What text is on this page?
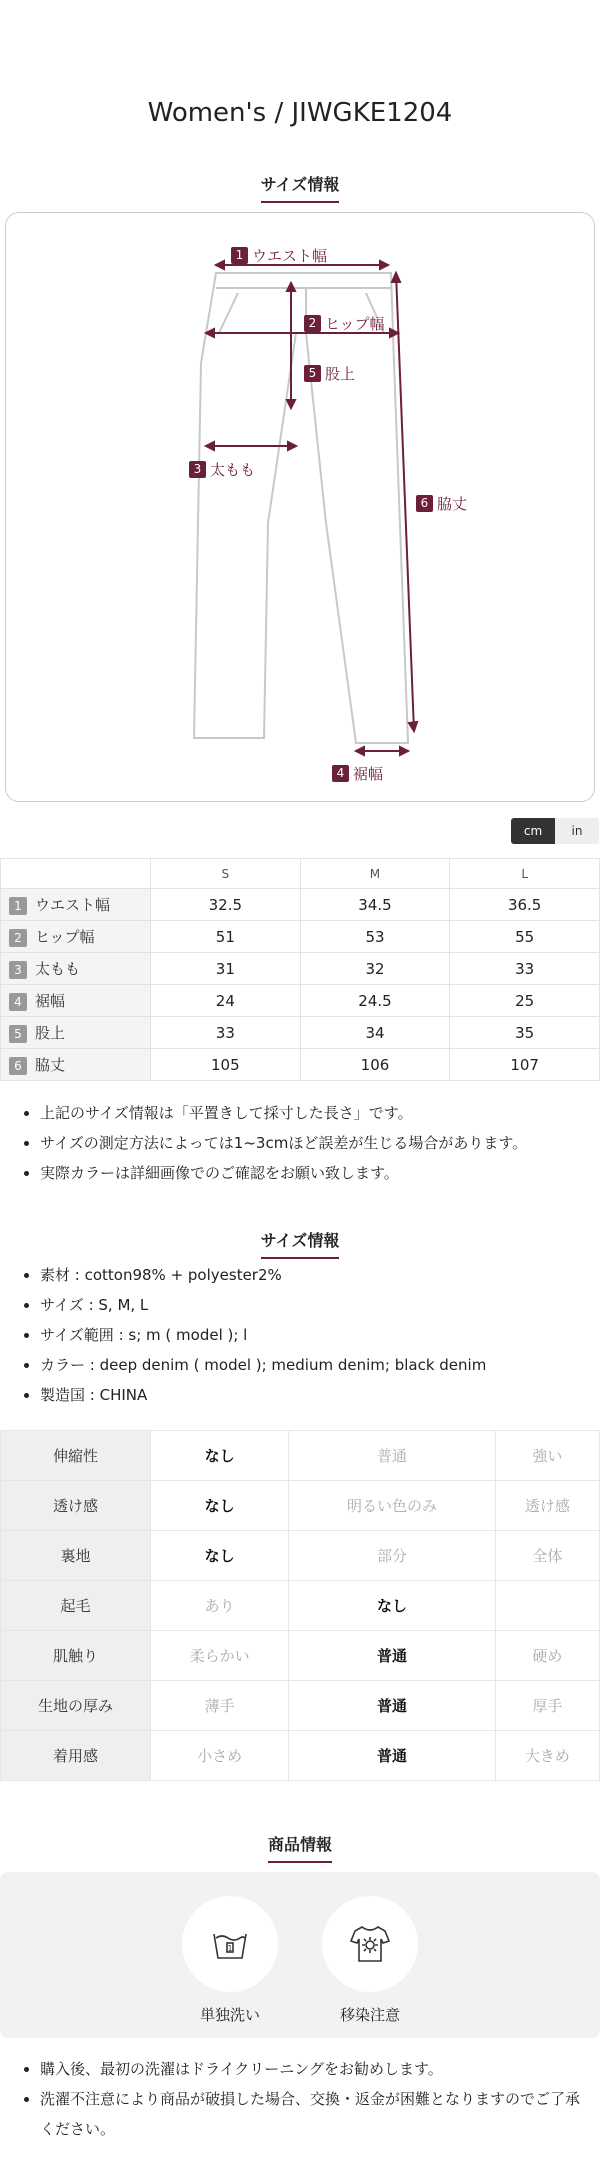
Women's / JIWGKE1204
サイズ情報
1 ウエスト幅
2 ヒップ幅
5 股上
3 太もも
6 脇丈
4 裾幅
cm	in
	S	M	L
1 ウエスト幅	32.5	34.5	36.5
2 ヒップ幅	51	53	55
3 太もも	31	32	33
4 裾幅	24	24.5	25
5 股上	33	34	35
6 脇丈	105	106	107
• 上記のサイズ情報は「平置きして採寸した長さ」です。
• サイズの測定方法によっては1~3cmほど誤差が生じる場合があります。
• 実際カラーは詳細画像でのご確認をお願い致します。
サイズ情報
• 素材 : cotton98% + polyester2%
• サイズ : S, M, L
• サイズ範囲 : s; m ( model ); l
• カラー : deep denim ( model ); medium denim; black denim
• 製造国 : CHINA
伸縮性	なし	普通	強い
透け感	なし	明るい色のみ	透け感
裏地	なし	部分	全体
起毛	あり	なし	
肌触り	柔らかい	普通	硬め
生地の厚み	薄手	普通	厚手
着用感	小さめ	普通	大きめ
商品情報
1
単独洗い	移染注意
• 購入後、最初の洗濯はドライクリーニングをお勧めします。
• 洗濯不注意により商品が破損した場合、交換・返金が困難となりますのでご了承ください。
